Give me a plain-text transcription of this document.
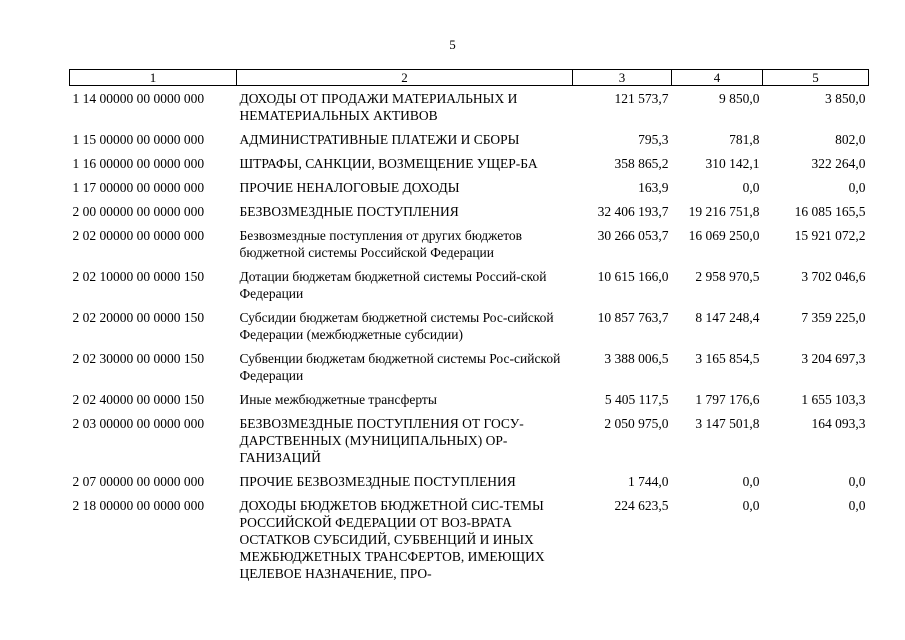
5
1	2	3	4	5
1 14 00000 00 0000 000	ДОХОДЫ ОТ ПРОДАЖИ МАТЕРИАЛЬНЫХ И НЕМАТЕРИАЛЬНЫХ АКТИВОВ	121 573,7	9 850,0	3 850,0
1 15 00000 00 0000 000	АДМИНИСТРАТИВНЫЕ ПЛАТЕЖИ И СБОРЫ	795,3	781,8	802,0
1 16 00000 00 0000 000	ШТРАФЫ, САНКЦИИ, ВОЗМЕЩЕНИЕ УЩЕР-БА	358 865,2	310 142,1	322 264,0
1 17 00000 00 0000 000	ПРОЧИЕ НЕНАЛОГОВЫЕ ДОХОДЫ	163,9	0,0	0,0
2 00 00000 00 0000 000	БЕЗВОЗМЕЗДНЫЕ ПОСТУПЛЕНИЯ	32 406 193,7	19 216 751,8	16 085 165,5
2 02 00000 00 0000 000	Безвозмездные поступления от других бюджетов бюджетной системы Российской Федерации	30 266 053,7	16 069 250,0	15 921 072,2
2 02 10000 00 0000 150	Дотации бюджетам бюджетной системы Россий-ской Федерации	10 615 166,0	2 958 970,5	3 702 046,6
2 02 20000 00 0000 150	Субсидии бюджетам бюджетной системы Рос-сийской Федерации (межбюджетные субсидии)	10 857 763,7	8 147 248,4	7 359 225,0
2 02 30000 00 0000 150	Субвенции бюджетам бюджетной системы Рос-сийской Федерации	3 388 006,5	3 165 854,5	3 204 697,3
2 02 40000 00 0000 150	Иные межбюджетные трансферты	5 405 117,5	1 797 176,6	1 655 103,3
2 03 00000 00 0000 000	БЕЗВОЗМЕЗДНЫЕ ПОСТУПЛЕНИЯ ОТ ГОСУ-ДАРСТВЕННЫХ (МУНИЦИПАЛЬНЫХ) ОР-ГАНИЗАЦИЙ	2 050 975,0	3 147 501,8	164 093,3
2 07 00000 00 0000 000	ПРОЧИЕ БЕЗВОЗМЕЗДНЫЕ ПОСТУПЛЕНИЯ	1 744,0	0,0	0,0
2 18 00000 00 0000 000	ДОХОДЫ БЮДЖЕТОВ БЮДЖЕТНОЙ СИС-ТЕМЫ РОССИЙСКОЙ ФЕДЕРАЦИИ ОТ ВОЗ-ВРАТА ОСТАТКОВ СУБСИДИЙ, СУБВЕНЦИЙ И ИНЫХ МЕЖБЮДЖЕТНЫХ ТРАНСФЕРТОВ, ИМЕЮЩИХ ЦЕЛЕВОЕ НАЗНАЧЕНИЕ, ПРО-	224 623,5	0,0	0,0
